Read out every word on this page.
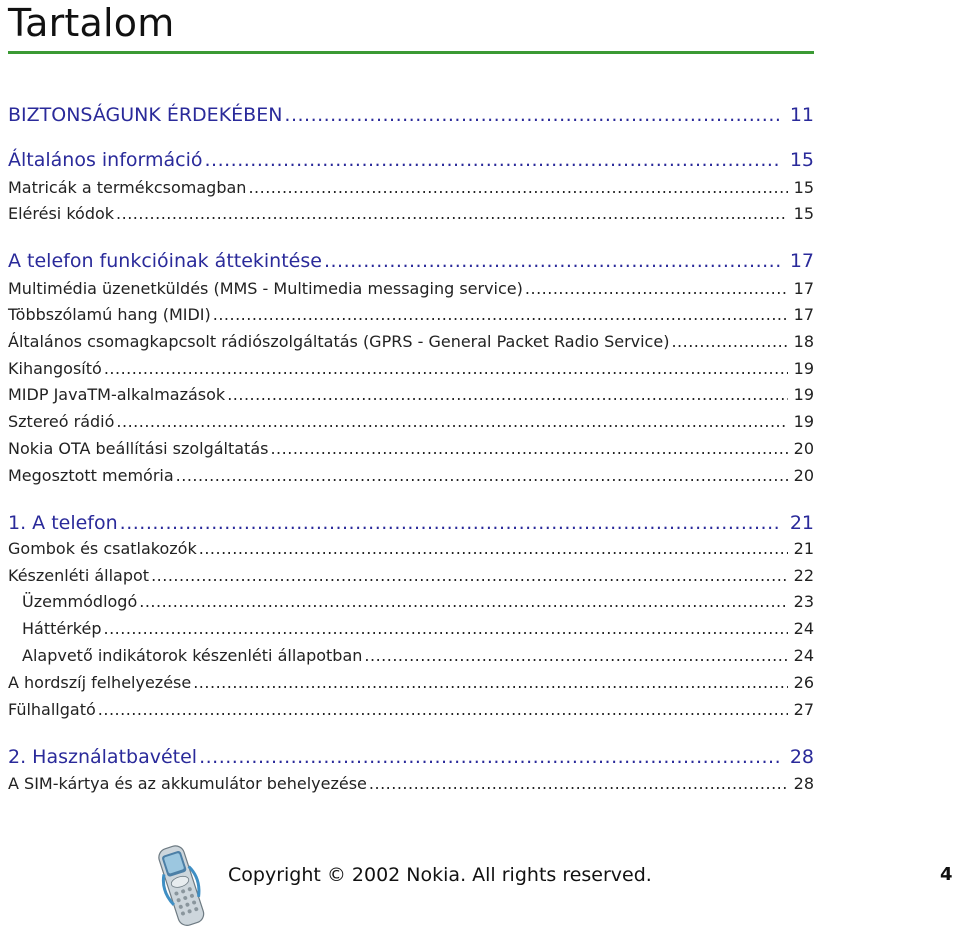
Tartalom
BIZTONSÁGUNK ÉRDEKÉBEN .....	11
Általános információ .....	15
Matricák a termékcsomagban .....	15
Elérési kódok .....	15
A telefon funkcióinak áttekintése .....	17
Multimédia üzenetküldés (MMS - Multimedia messaging service) .....	17
Többszólamú hang (MIDI) .....	17
Általános csomagkapcsolt rádiószolgáltatás (GPRS - General Packet Radio Service) .....	18
Kihangosító .....	19
MIDP JavaTM-alkalmazások .....	19
Sztereó rádió .....	19
Nokia OTA beállítási szolgáltatás .....	20
Megosztott memória .....	20
1. A telefon .....	21
Gombok és csatlakozók .....	21
Készenléti állapot .....	22
Üzemmódlogó .....	23
Háttérkép .....	24
Alapvető indikátorok készenléti állapotban .....	24
A hordszíj felhelyezése .....	26
Fülhallgató .....	27
2. Használatbavétel .....	28
A SIM-kártya és az akkumulátor behelyezése .....	28
Copyright © 2002 Nokia. All rights reserved.	4
